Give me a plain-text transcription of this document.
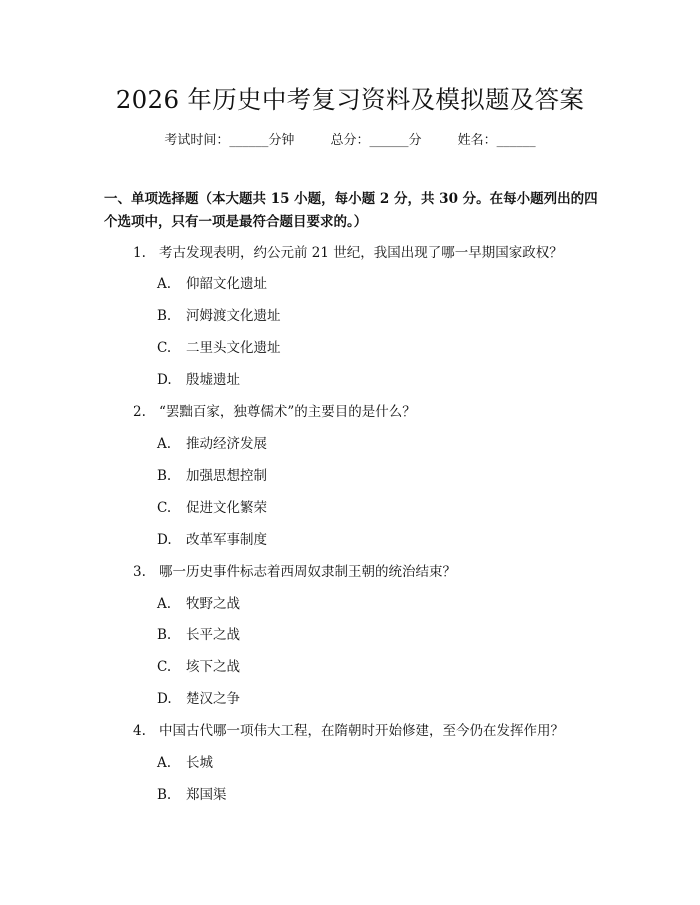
2026 年历史中考复习资料及模拟题及答案
考试时间：______分钟	总分：______分	姓名：______
一、单项选择题（本大题共 15 小题，每小题 2 分，共 30 分。在每小题列出的四个选项中，只有一项是最符合题目要求的。）
1. 考古发现表明，约公元前 21 世纪，我国出现了哪一早期国家政权？
A. 仰韶文化遗址
B. 河姆渡文化遗址
C. 二里头文化遗址
D. 殷墟遗址
2. “罢黜百家，独尊儒术”的主要目的是什么？
A. 推动经济发展
B. 加强思想控制
C. 促进文化繁荣
D. 改革军事制度
3. 哪一历史事件标志着西周奴隶制王朝的统治结束？
A. 牧野之战
B. 长平之战
C. 垓下之战
D. 楚汉之争
4. 中国古代哪一项伟大工程，在隋朝时开始修建，至今仍在发挥作用？
A. 长城
B. 郑国渠
